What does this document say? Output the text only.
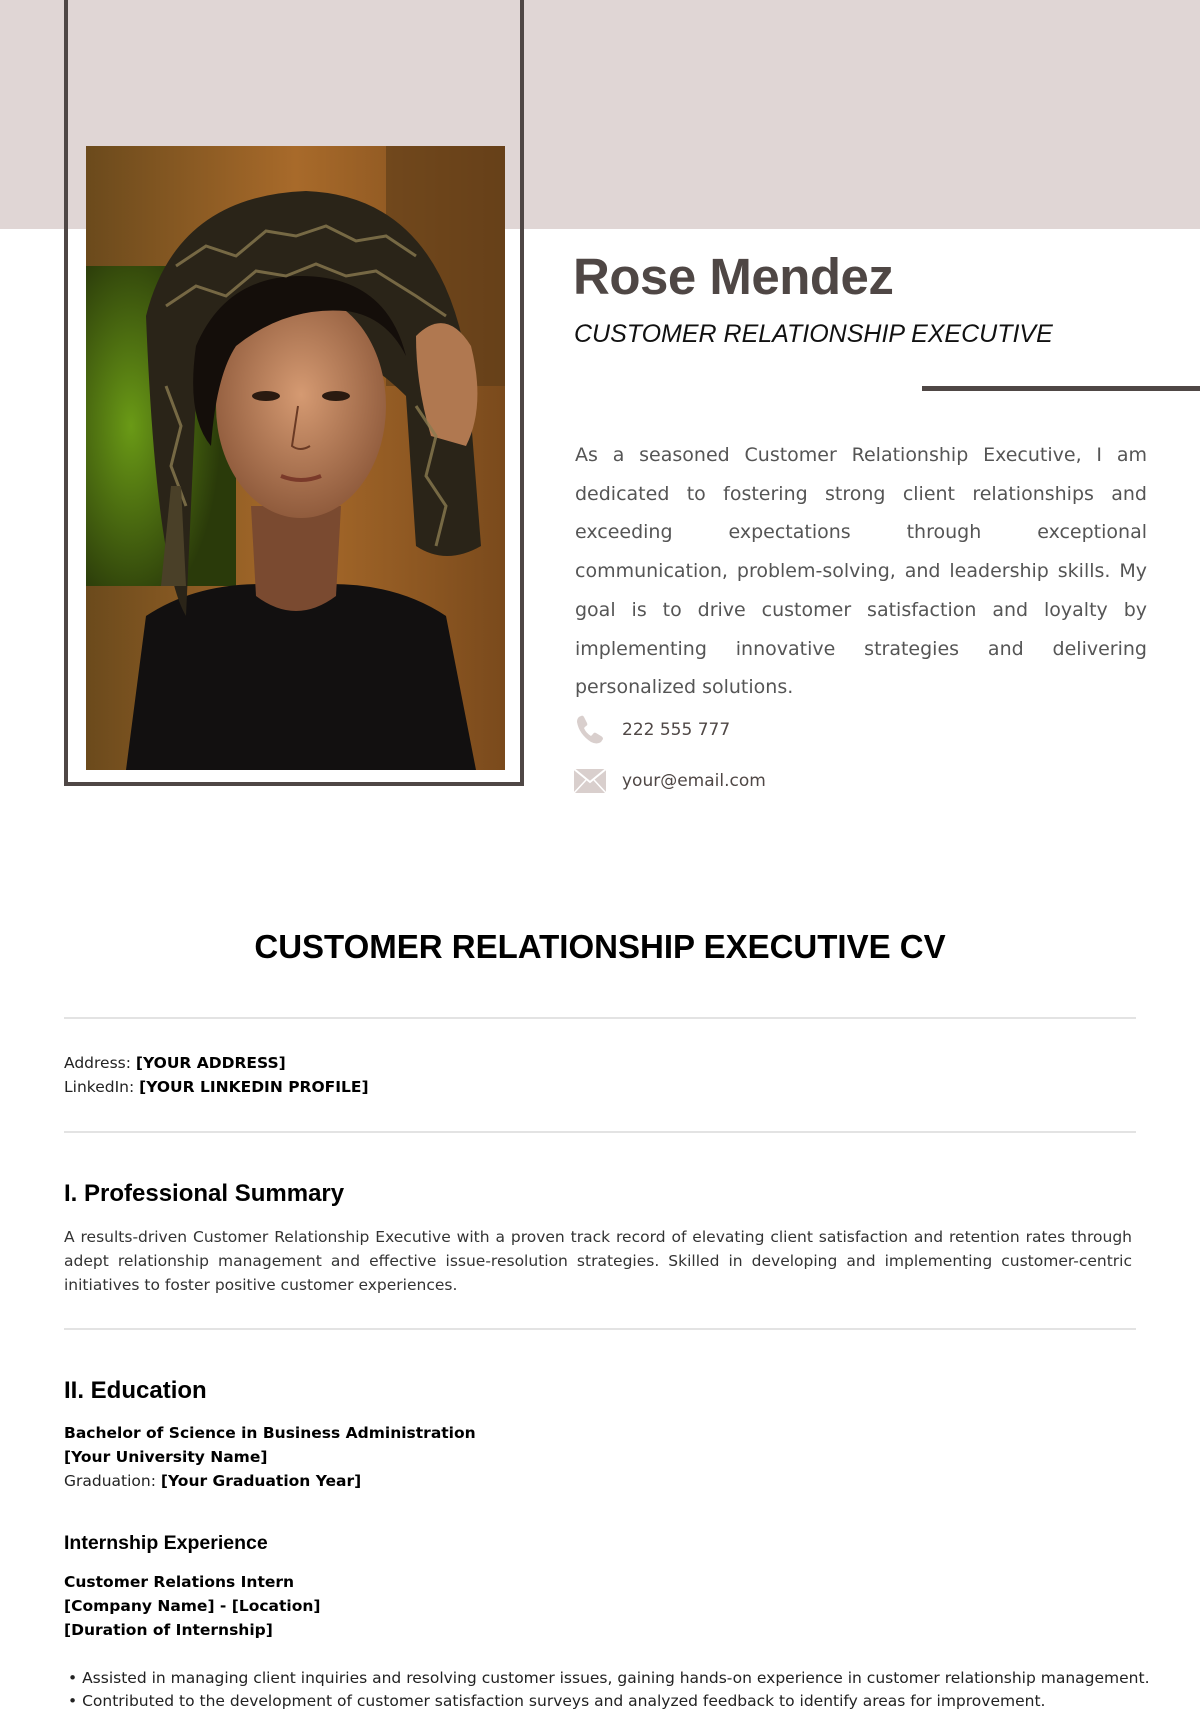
Rose Mendez
CUSTOMER RELATIONSHIP EXECUTIVE

As a seasoned Customer Relationship Executive, I am dedicated to fostering strong client relationships and exceeding expectations through exceptional communication, problem-solving, and leadership skills. My goal is to drive customer satisfaction and loyalty by implementing innovative strategies and delivering personalized solutions.

222 555 777
your@email.com
CUSTOMER RELATIONSHIP EXECUTIVE CV
Address: [YOUR ADDRESS]
LinkedIn: [YOUR LINKEDIN PROFILE]
I. Professional Summary

A results-driven Customer Relationship Executive with a proven track record of elevating client satisfaction and retention rates through adept relationship management and effective issue-resolution strategies. Skilled in developing and implementing customer-centric initiatives to foster positive customer experiences.

II. Education
Bachelor of Science in Business Administration
[Your University Name]
Graduation: [Your Graduation Year]
Internship Experience
Customer Relations Intern
[Company Name] - [Location]
[Duration of Internship]
• Assisted in managing client inquiries and resolving customer issues, gaining hands-on experience in customer relationship management.
• Contributed to the development of customer satisfaction surveys and analyzed feedback to identify areas for improvement.
